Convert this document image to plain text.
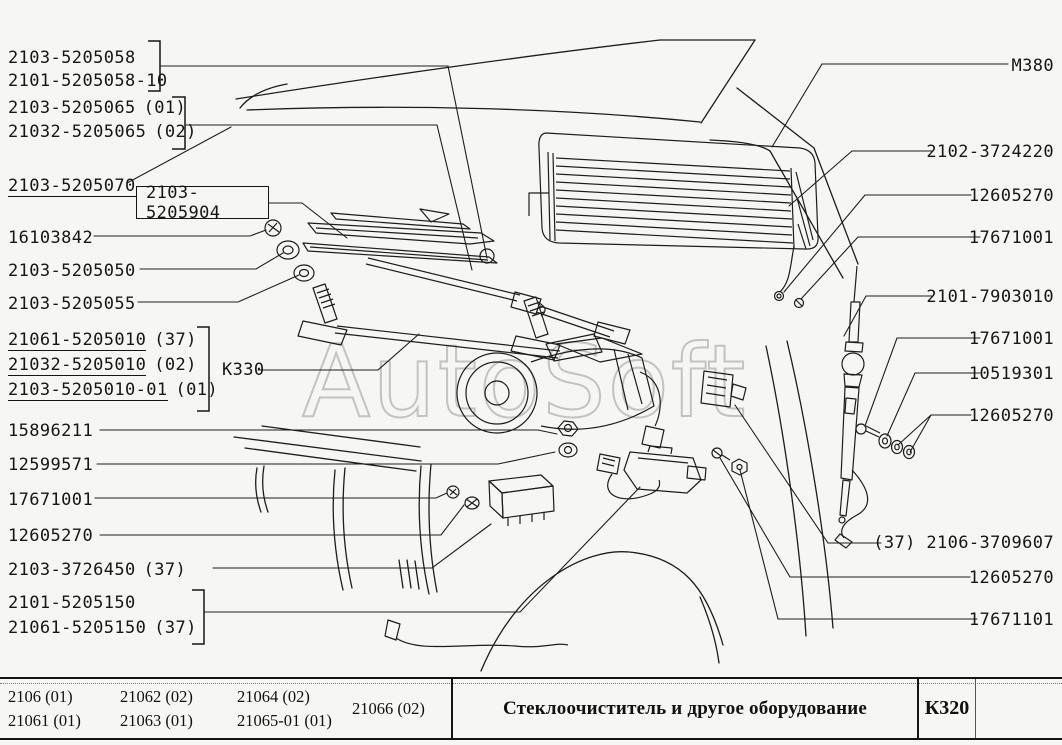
AutoSoft
2103-5205058
2101-5205058-10
2103-5205065 (01)
21032-5205065 (02)
2103-5205070 2103-5205904
16103842
2103-5205050
2103-5205055
21061-5205010 (37)
21032-5205010 (02)
2103-5205010-01 (01)
К330
15896211
12599571
17671001
12605270
2103-3726450 (37)
2101-5205150
21061-5205150 (37)
М380
2102-3724220
12605270
17671001
2101-7903010
17671001
10519301
12605270
(37) 2106-3709607
12605270
17671101
2106 (01)
21061 (01)
21062 (02)
21063 (01)
21064 (02)
21065-01 (01)
21066 (02)	Стеклоочиститель и другое оборудование	К320
